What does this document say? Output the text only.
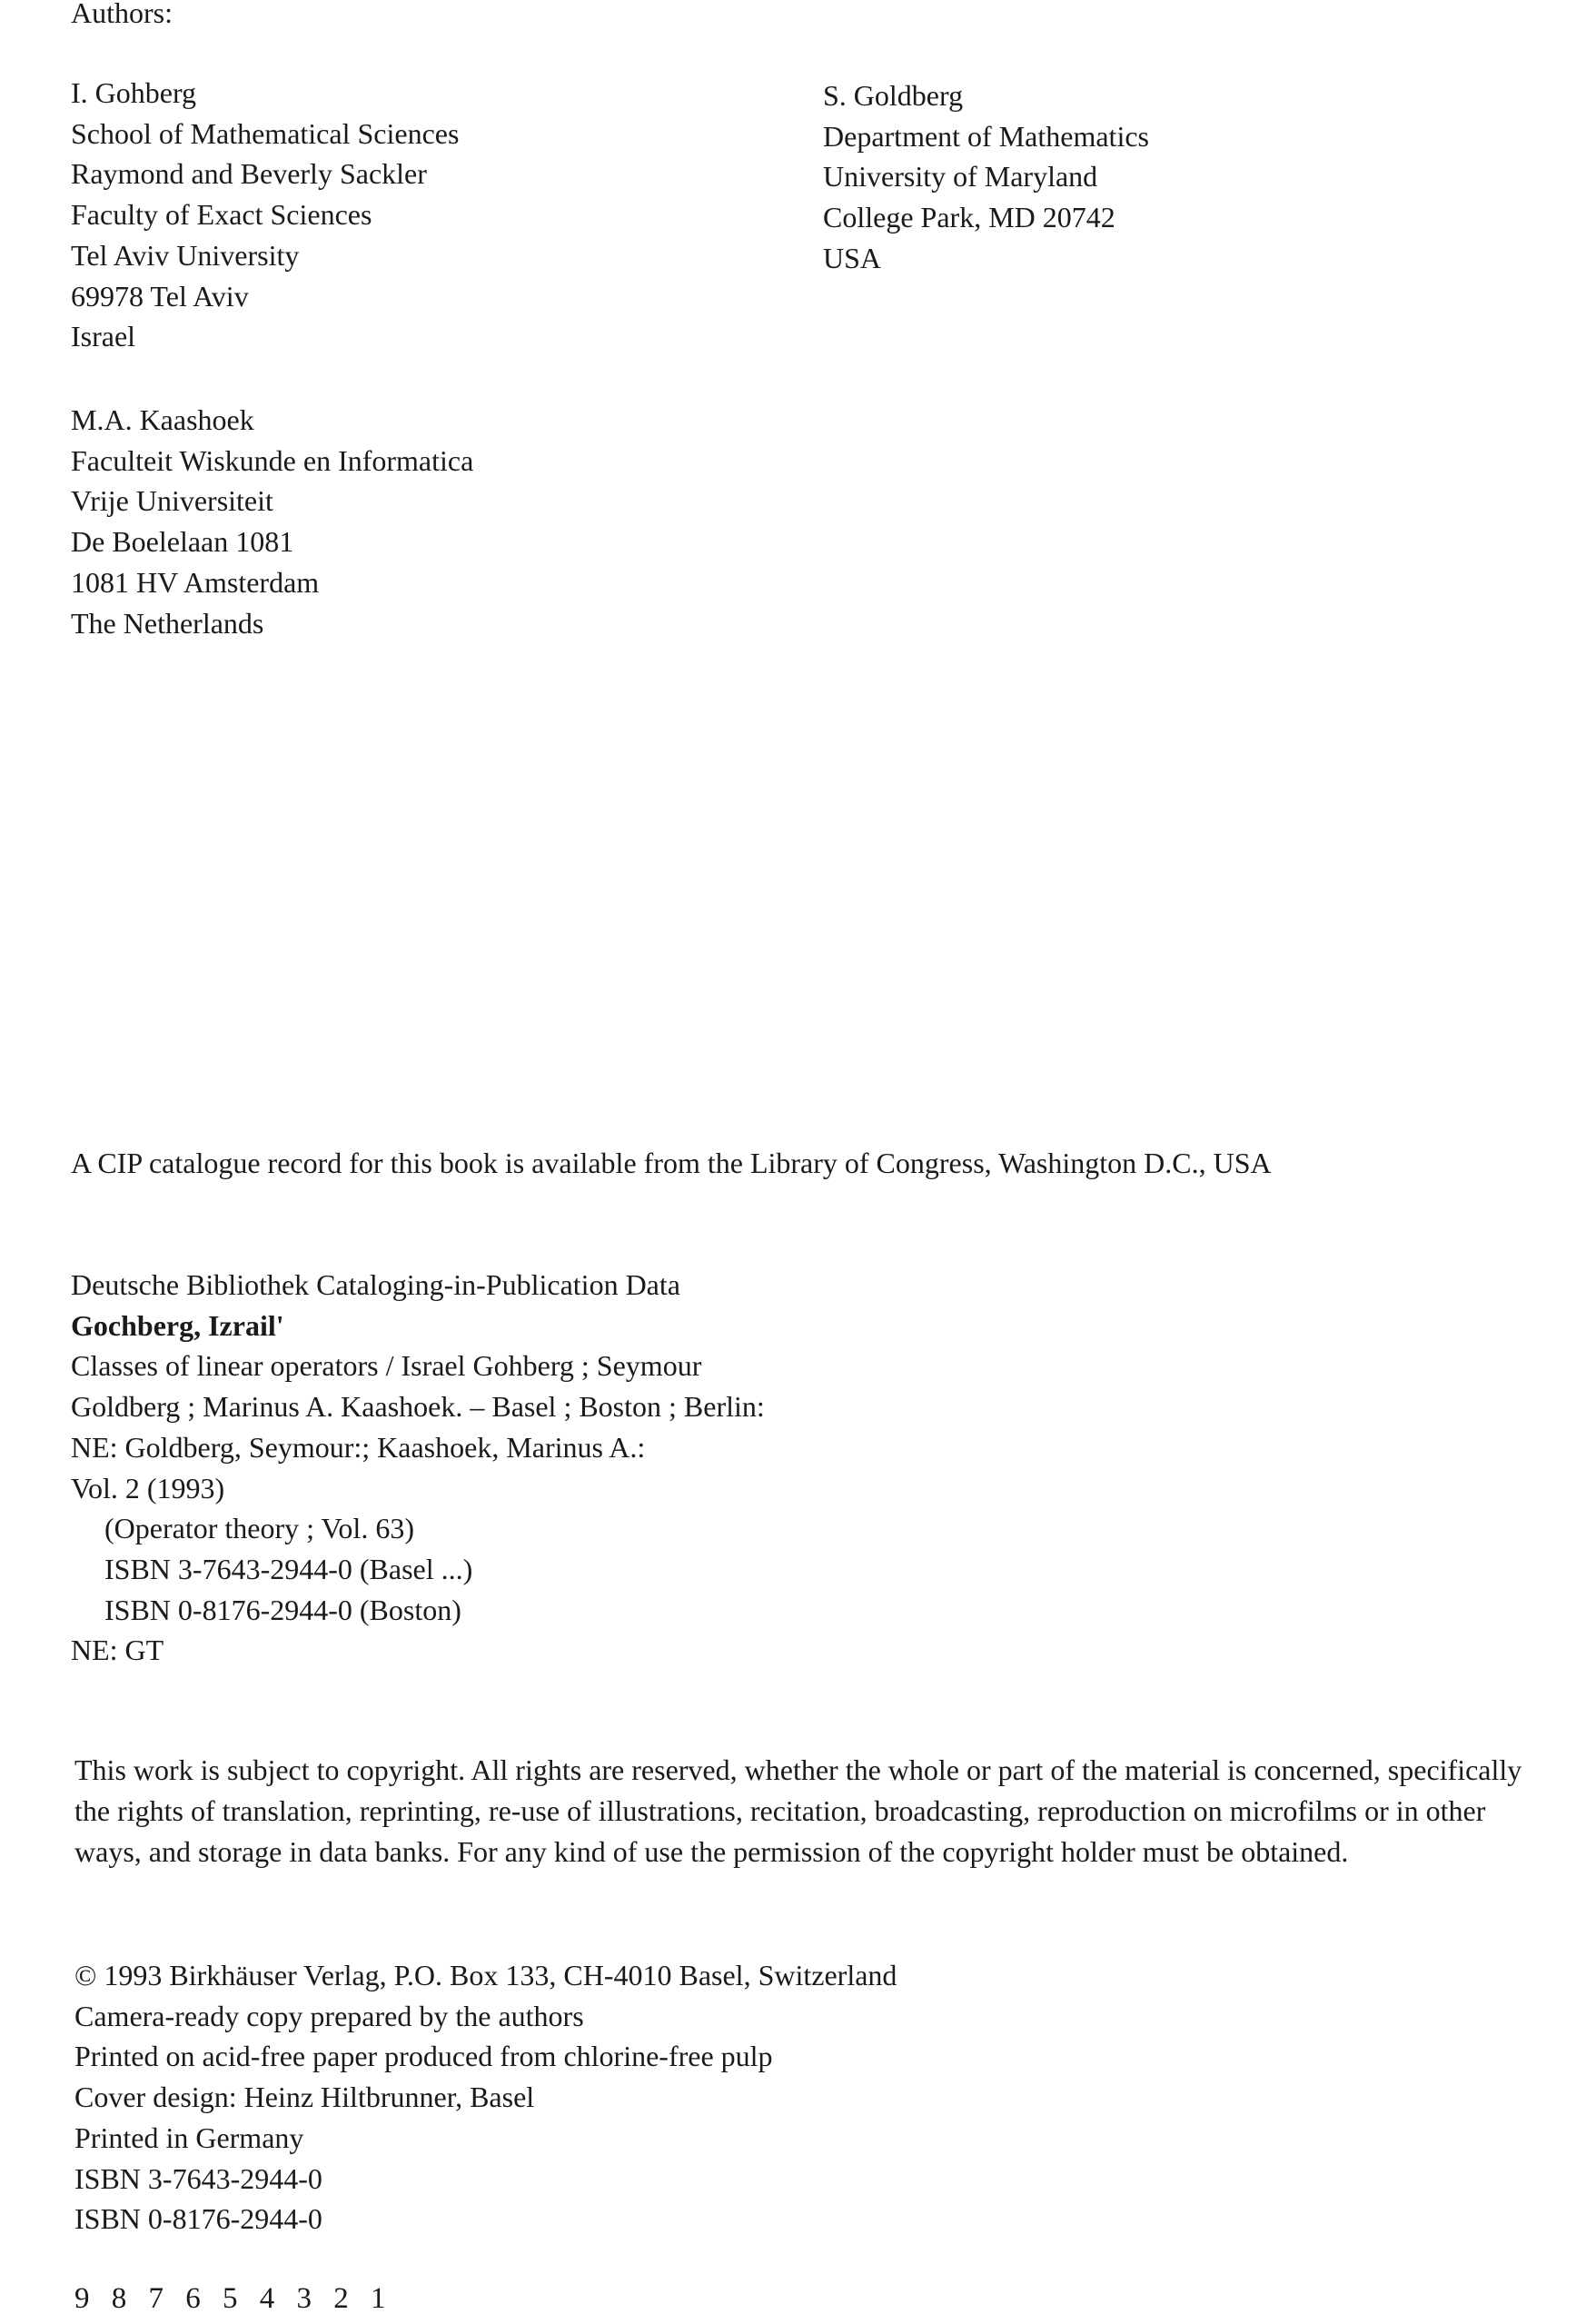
Authors:
I. Gohberg
School of Mathematical Sciences
Raymond and Beverly Sackler
Faculty of Exact Sciences
Tel Aviv University
69978 Tel Aviv
Israel
S. Goldberg
Department of Mathematics
University of Maryland
College Park, MD 20742
USA
M.A. Kaashoek
Faculteit Wiskunde en Informatica
Vrije Universiteit
De Boelelaan 1081
1081 HV Amsterdam
The Netherlands
A CIP catalogue record for this book is available from the Library of Congress, Washington D.C., USA
Deutsche Bibliothek Cataloging-in-Publication Data
Gochberg, Izrail'
Classes of linear operators / Israel Gohberg ; Seymour
Goldberg ; Marinus A. Kaashoek. – Basel ; Boston ; Berlin:
NE: Goldberg, Seymour:; Kaashoek, Marinus A.:
Vol. 2 (1993)
(Operator theory ; Vol. 63)
ISBN 3-7643-2944-0 (Basel ...)
ISBN 0-8176-2944-0 (Boston)
NE: GT
This work is subject to copyright. All rights are reserved, whether the whole or part of the material is concerned, specifically the rights of translation, reprinting, re-use of illustrations, recitation, broadcasting, reproduction on microfilms or in other ways, and storage in data banks. For any kind of use the permission of the copyright holder must be obtained.
© 1993 Birkhäuser Verlag, P.O. Box 133, CH-4010 Basel, Switzerland
Camera-ready copy prepared by the authors
Printed on acid-free paper produced from chlorine-free pulp
Cover design: Heinz Hiltbrunner, Basel
Printed in Germany
ISBN 3-7643-2944-0
ISBN 0-8176-2944-0
9 8 7 6 5 4 3 2 1
